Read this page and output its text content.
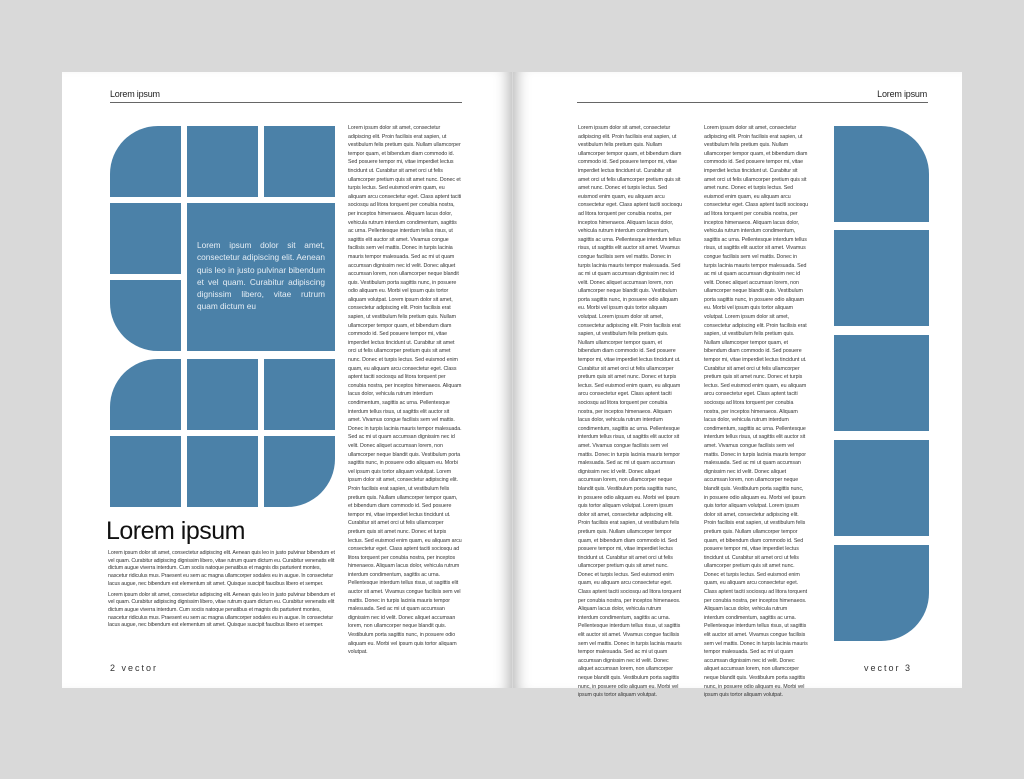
Lorem ipsum
Lorem ipsum dolor sit amet, consectetur adipiscing elit. Aenean quis leo in justo pulvinar bibendum et vel quam. Curabitur adipiscing dignissim libero, vitae rutrum quam dictum eu
Lorem ipsum dolor sit amet, consectetur adipiscing elit. Proin facilisis erat sapien, ut vestibulum felis pretium quis. Nullam ullamcorper tempor quam, et bibendum diam commodo id. Sed posuere tempor mi, vitae imperdiet lectus tincidunt ut. Curabitur sit amet orci ut felis ullamcorper pretium quis sit amet nunc. Donec et turpis lectus. Sed euismod enim quam, eu aliquam arcu consectetur eget. Class aptent taciti sociosqu ad litora torquent per conubia nostra, per inceptos himenaeos. Aliquam lacus dolor, vehicula rutrum interdum condimentum, sagittis ac urna. Pellentesque interdum tellus risus, ut sagittis elit auctor sit amet. Vivamus congue facilisis sem vel mattis. Donec in turpis lacinia mauris tempor malesuada. Sed ac mi ut quam accumsan dignissim nec id velit. Donec aliquet accumsan lorem, non ullamcorper neque blandit quis. Vestibulum porta sagittis nunc, in posuere odio aliquam eu. Morbi vel ipsum quis tortor aliquam volutpat. Lorem ipsum dolor sit amet, consectetur adipiscing elit. Proin facilisis erat sapien, ut vestibulum felis pretium quis. Nullam ullamcorper tempor quam, et bibendum diam commodo id. Sed posuere tempor mi, vitae imperdiet lectus tincidunt ut. Curabitur sit amet orci ut felis ullamcorper pretium quis sit amet nunc. Donec et turpis lectus. Sed euismod enim quam, eu aliquam arcu consectetur eget. Class aptent taciti sociosqu ad litora torquent per conubia nostra, per inceptos himenaeos. Aliquam lacus dolor, vehicula rutrum interdum condimentum, sagittis ac urna. Pellentesque interdum tellus risus, ut sagittis elit auctor sit amet. Vivamus congue facilisis sem vel mattis. Donec in turpis lacinia mauris tempor malesuada. Sed ac mi ut quam accumsan dignissim nec id velit. Donec aliquet accumsan lorem, non ullamcorper neque blandit quis. Vestibulum porta sagittis nunc, in posuere odio aliquam eu. Morbi vel ipsum quis tortor aliquam volutpat. Lorem ipsum dolor sit amet, consectetur adipiscing elit. Proin facilisis erat sapien, ut vestibulum felis pretium quis. Nullam ullamcorper tempor quam, et bibendum diam commodo id. Sed posuere tempor mi, vitae imperdiet lectus tincidunt ut. Curabitur sit amet orci ut felis ullamcorper pretium quis sit amet nunc. Donec et turpis lectus. Sed euismod enim quam, eu aliquam arcu consectetur eget. Class aptent taciti sociosqu ad litora torquent per conubia nostra, per inceptos himenaeos. Aliquam lacus dolor, vehicula rutrum interdum condimentum, sagittis ac urna. Pellentesque interdum tellus risus, ut sagittis elit auctor sit amet. Vivamus congue facilisis sem vel mattis. Donec in turpis lacinia mauris tempor malesuada. Sed ac mi ut quam accumsan dignissim nec id velit. Donec aliquet accumsan lorem, non ullamcorper neque blandit quis. Vestibulum porta sagittis nunc, in posuere odio aliquam eu. Morbi vel ipsum quis tortor aliquam volutpat.
Lorem ipsum
Lorem ipsum dolor sit amet, consectetur adipiscing elit. Aenean quis leo in justo pulvinar bibendum et vel quam. Curabitur adipiscing dignissim libero, vitae rutrum quam dictum eu. Curabitur venenatis elit dictum augue viverra interdum. Cum sociis natoque penatibus et magnis dis parturient montes, nascetur ridiculus mus. Praesent eu sem ac magna ullamcorper sodales eu in augue. In consectetur lacus augue, nec bibendum est elementum sit amet. Quisque suscipit faucibus libero et semper.
Lorem ipsum dolor sit amet, consectetur adipiscing elit. Aenean quis leo in justo pulvinar bibendum et vel quam. Curabitur adipiscing dignissim libero, vitae rutrum quam dictum eu. Curabitur venenatis elit dictum augue viverra interdum. Cum sociis natoque penatibus et magnis dis parturient montes, nascetur ridiculus mus. Praesent eu sem ac magna ullamcorper sodales eu in augue. In consectetur lacus augue, nec bibendum est elementum sit amet. Quisque suscipit faucibus libero et semper.
2 vector
Lorem ipsum
Lorem ipsum dolor sit amet, consectetur adipiscing elit. Proin facilisis erat sapien, ut vestibulum felis pretium quis. Nullam ullamcorper tempor quam, et bibendum diam commodo id. Sed posuere tempor mi, vitae imperdiet lectus tincidunt ut. Curabitur sit amet orci ut felis ullamcorper pretium quis sit amet nunc. Donec et turpis lectus. Sed euismod enim quam, eu aliquam arcu consectetur eget. Class aptent taciti sociosqu ad litora torquent per conubia nostra, per inceptos himenaeos. Aliquam lacus dolor, vehicula rutrum interdum condimentum, sagittis ac urna. Pellentesque interdum tellus risus, ut sagittis elit auctor sit amet. Vivamus congue facilisis sem vel mattis. Donec in turpis lacinia mauris tempor malesuada. Sed ac mi ut quam accumsan dignissim nec id velit. Donec aliquet accumsan lorem, non ullamcorper neque blandit quis. Vestibulum porta sagittis nunc, in posuere odio aliquam eu. Morbi vel ipsum quis tortor aliquam volutpat. Lorem ipsum dolor sit amet, consectetur adipiscing elit. Proin facilisis erat sapien, ut vestibulum felis pretium quis. Nullam ullamcorper tempor quam, et bibendum diam commodo id. Sed posuere tempor mi, vitae imperdiet lectus tincidunt ut. Curabitur sit amet orci ut felis ullamcorper pretium quis sit amet nunc. Donec et turpis lectus. Sed euismod enim quam, eu aliquam arcu consectetur eget. Class aptent taciti sociosqu ad litora torquent per conubia nostra, per inceptos himenaeos. Aliquam lacus dolor, vehicula rutrum interdum condimentum, sagittis ac urna. Pellentesque interdum tellus risus, ut sagittis elit auctor sit amet. Vivamus congue facilisis sem vel mattis. Donec in turpis lacinia mauris tempor malesuada. Sed ac mi ut quam accumsan dignissim nec id velit. Donec aliquet accumsan lorem, non ullamcorper neque blandit quis. Vestibulum porta sagittis nunc, in posuere odio aliquam eu. Morbi vel ipsum quis tortor aliquam volutpat. Lorem ipsum dolor sit amet, consectetur adipiscing elit. Proin facilisis erat sapien, ut vestibulum felis pretium quis. Nullam ullamcorper tempor quam, et bibendum diam commodo id. Sed posuere tempor mi, vitae imperdiet lectus tincidunt ut. Curabitur sit amet orci ut felis ullamcorper pretium quis sit amet nunc. Donec et turpis lectus. Sed euismod enim quam, eu aliquam arcu consectetur eget. Class aptent taciti sociosqu ad litora torquent per conubia nostra, per inceptos himenaeos. Aliquam lacus dolor, vehicula rutrum interdum condimentum, sagittis ac urna. Pellentesque interdum tellus risus, ut sagittis elit auctor sit amet. Vivamus congue facilisis sem vel mattis. Donec in turpis lacinia mauris tempor malesuada. Sed ac mi ut quam accumsan dignissim nec id velit. Donec aliquet accumsan lorem, non ullamcorper neque blandit quis. Vestibulum porta sagittis nunc, in posuere odio aliquam eu. Morbi vel ipsum quis tortor aliquam volutpat.
Lorem ipsum dolor sit amet, consectetur adipiscing elit. Proin facilisis erat sapien, ut vestibulum felis pretium quis. Nullam ullamcorper tempor quam, et bibendum diam commodo id. Sed posuere tempor mi, vitae imperdiet lectus tincidunt ut. Curabitur sit amet orci ut felis ullamcorper pretium quis sit amet nunc. Donec et turpis lectus. Sed euismod enim quam, eu aliquam arcu consectetur eget. Class aptent taciti sociosqu ad litora torquent per conubia nostra, per inceptos himenaeos. Aliquam lacus dolor, vehicula rutrum interdum condimentum, sagittis ac urna. Pellentesque interdum tellus risus, ut sagittis elit auctor sit amet. Vivamus congue facilisis sem vel mattis. Donec in turpis lacinia mauris tempor malesuada. Sed ac mi ut quam accumsan dignissim nec id velit. Donec aliquet accumsan lorem, non ullamcorper neque blandit quis. Vestibulum porta sagittis nunc, in posuere odio aliquam eu. Morbi vel ipsum quis tortor aliquam volutpat. Lorem ipsum dolor sit amet, consectetur adipiscing elit. Proin facilisis erat sapien, ut vestibulum felis pretium quis. Nullam ullamcorper tempor quam, et bibendum diam commodo id. Sed posuere tempor mi, vitae imperdiet lectus tincidunt ut. Curabitur sit amet orci ut felis ullamcorper pretium quis sit amet nunc. Donec et turpis lectus. Sed euismod enim quam, eu aliquam arcu consectetur eget. Class aptent taciti sociosqu ad litora torquent per conubia nostra, per inceptos himenaeos. Aliquam lacus dolor, vehicula rutrum interdum condimentum, sagittis ac urna. Pellentesque interdum tellus risus, ut sagittis elit auctor sit amet. Vivamus congue facilisis sem vel mattis. Donec in turpis lacinia mauris tempor malesuada. Sed ac mi ut quam accumsan dignissim nec id velit. Donec aliquet accumsan lorem, non ullamcorper neque blandit quis. Vestibulum porta sagittis nunc, in posuere odio aliquam eu. Morbi vel ipsum quis tortor aliquam volutpat. Lorem ipsum dolor sit amet, consectetur adipiscing elit. Proin facilisis erat sapien, ut vestibulum felis pretium quis. Nullam ullamcorper tempor quam, et bibendum diam commodo id. Sed posuere tempor mi, vitae imperdiet lectus tincidunt ut. Curabitur sit amet orci ut felis ullamcorper pretium quis sit amet nunc. Donec et turpis lectus. Sed euismod enim quam, eu aliquam arcu consectetur eget. Class aptent taciti sociosqu ad litora torquent per conubia nostra, per inceptos himenaeos. Aliquam lacus dolor, vehicula rutrum interdum condimentum, sagittis ac urna. Pellentesque interdum tellus risus, ut sagittis elit auctor sit amet. Vivamus congue facilisis sem vel mattis. Donec in turpis lacinia mauris tempor malesuada. Sed ac mi ut quam accumsan dignissim nec id velit. Donec aliquet accumsan lorem, non ullamcorper neque blandit quis. Vestibulum porta sagittis nunc, in posuere odio aliquam eu. Morbi vel ipsum quis tortor aliquam volutpat.
vector 3
